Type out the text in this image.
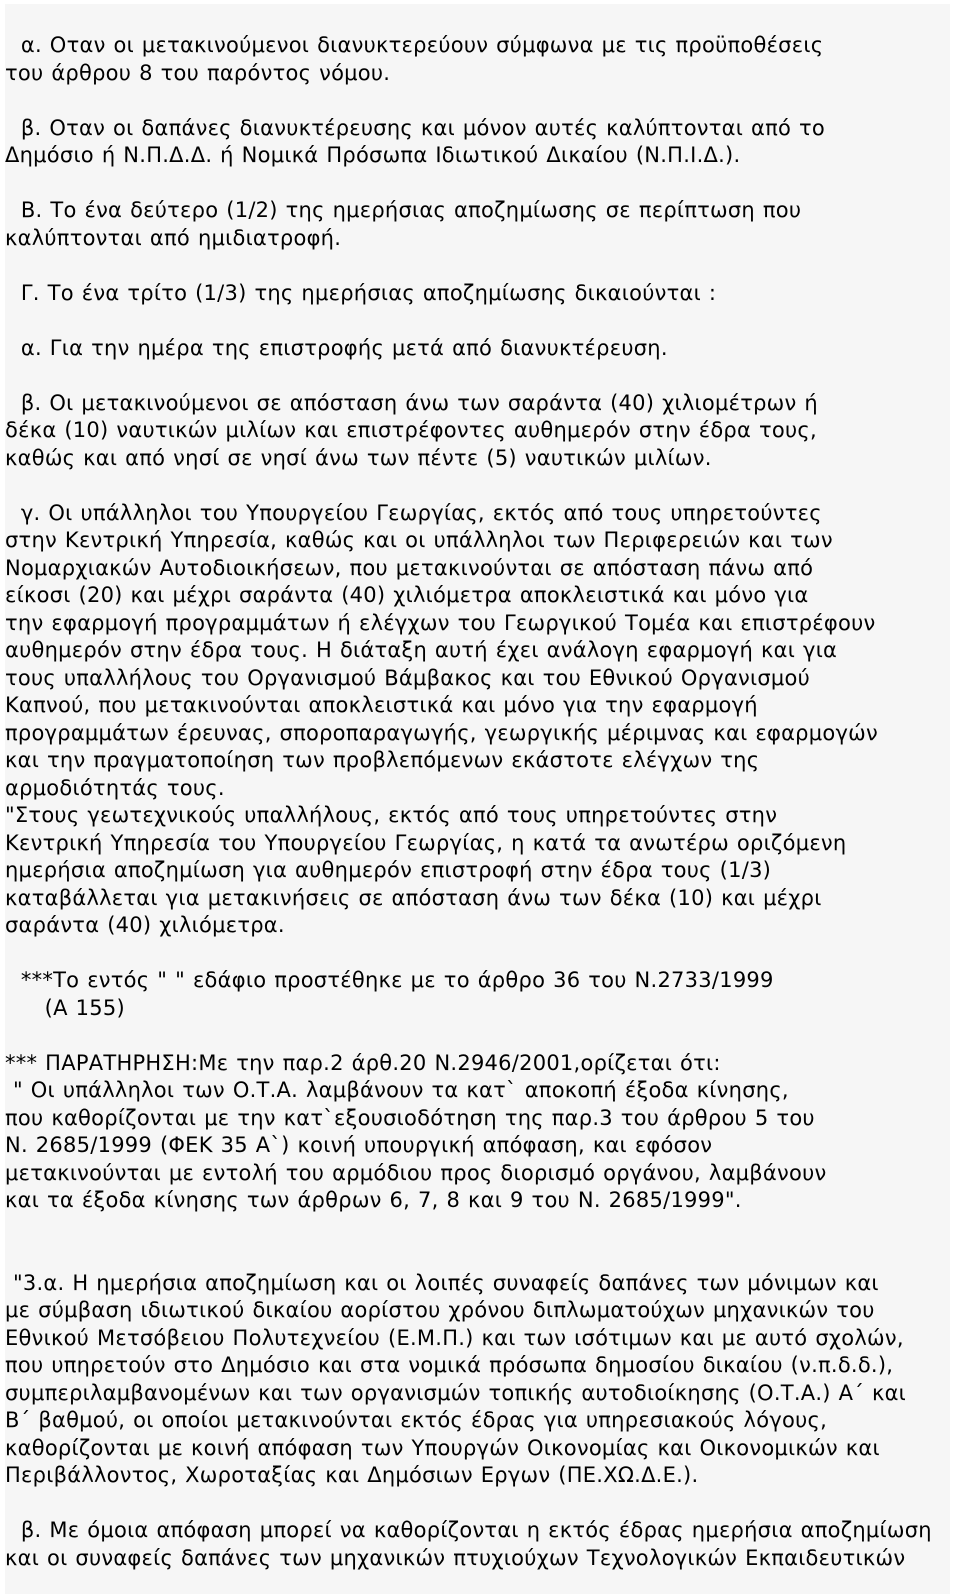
α. Οταν οι μετακινούμενοι διανυκτερεύουν σύμφωνα με τις προϋποθέσεις
του άρθρου 8 του παρόντος νόμου.

β. Οταν οι δαπάνες διανυκτέρευσης και μόνον αυτές καλύπτονται από το
Δημόσιο ή Ν.Π.Δ.Δ. ή Νομικά Πρόσωπα Ιδιωτικού Δικαίου (Ν.Π.Ι.Δ.).

Β. Το ένα δεύτερο (1/2) της ημερήσιας αποζημίωσης σε περίπτωση που
καλύπτονται από ημιδιατροφή.

Γ. Το ένα τρίτο (1/3) της ημερήσιας αποζημίωσης δικαιούνται :

α. Για την ημέρα της επιστροφής μετά από διανυκτέρευση.

β. Οι μετακινούμενοι σε απόσταση άνω των σαράντα (40) χιλιομέτρων ή
δέκα (10) ναυτικών μιλίων και επιστρέφοντες αυθημερόν στην έδρα τους,
καθώς και από νησί σε νησί άνω των πέντε (5) ναυτικών μιλίων.

γ. Οι υπάλληλοι του Υπουργείου Γεωργίας, εκτός από τους υπηρετούντες
στην Κεντρική Υπηρεσία, καθώς και οι υπάλληλοι των Περιφερειών και των
Νομαρχιακών Αυτοδιοικήσεων, που μετακινούνται σε απόσταση πάνω από
είκοσι (20) και μέχρι σαράντα (40) χιλιόμετρα αποκλειστικά και μόνο για
την εφαρμογή προγραμμάτων ή ελέγχων του Γεωργικού Τομέα και επιστρέφουν
αυθημερόν στην έδρα τους. Η διάταξη αυτή έχει ανάλογη εφαρμογή και για
τους υπαλλήλους του Οργανισμού Βάμβακος και του Εθνικού Οργανισμού
Καπνού, που μετακινούνται αποκλειστικά και μόνο για την εφαρμογή
προγραμμάτων έρευνας, σποροπαραγωγής, γεωργικής μέριμνας και εφαρμογών
και την πραγματοποίηση των προβλεπόμενων εκάστοτε ελέγχων της
αρμοδιότητάς τους.

"Στους γεωτεχνικούς υπαλλήλους, εκτός από τους υπηρετούντες στην
Κεντρική Υπηρεσία του Υπουργείου Γεωργίας, η κατά τα ανωτέρω οριζόμενη
ημερήσια αποζημίωση για αυθημερόν επιστροφή στην έδρα τους (1/3)
καταβάλλεται για μετακινήσεις σε απόσταση άνω των δέκα (10) και μέχρι
σαράντα (40) χιλιόμετρα.

***Το εντός " " εδάφιο προστέθηκε με το άρθρο 36 του Ν.2733/1999
(Α 155)

*** ΠΑΡΑΤΗΡΗΣΗ:Με την παρ.2 άρθ.20 Ν.2946/2001,ορίζεται ότι:
" Οι υπάλληλοι των Ο.Τ.Α. λαμβάνουν τα κατ` αποκοπή έξοδα κίνησης,
που καθορίζονται με την κατ`εξουσιοδότηση της παρ.3 του άρθρου 5 του
Ν. 2685/1999 (ΦΕΚ 35 Α`) κοινή υπουργική απόφαση, και εφόσον
μετακινούνται με εντολή του αρμόδιου προς διορισμό οργάνου, λαμβάνουν
και τα έξοδα κίνησης των άρθρων 6, 7, 8 και 9 του Ν. 2685/1999".

"3.α. Η ημερήσια αποζημίωση και οι λοιπές συναφείς δαπάνες των μόνιμων και
με σύμβαση ιδιωτικού δικαίου αορίστου χρόνου διπλωματούχων μηχανικών του
Εθνικού Μετσόβειου Πολυτεχνείου (Ε.Μ.Π.) και των ισότιμων και με αυτό σχολών,
που υπηρετούν στο Δημόσιο και στα νομικά πρόσωπα δημοσίου δικαίου (ν.π.δ.δ.),
συμπεριλαμβανομένων και των οργανισμών τοπικής αυτοδιοίκησης (Ο.Τ.Α.) Α΄ και
Β΄ βαθμού, οι οποίοι μετακινούνται εκτός έδρας για υπηρεσιακούς λόγους,
καθορίζονται με κοινή απόφαση των Υπουργών Οικονομίας και Οικονομικών και
Περιβάλλοντος, Χωροταξίας και Δημόσιων Εργων (ΠΕ.ΧΩ.Δ.Ε.).

β. Με όμοια απόφαση μπορεί να καθορίζονται η εκτός έδρας ημερήσια αποζημίωση
και οι συναφείς δαπάνες των μηχανικών πτυχιούχων Τεχνολογικών Εκπαιδευτικών
